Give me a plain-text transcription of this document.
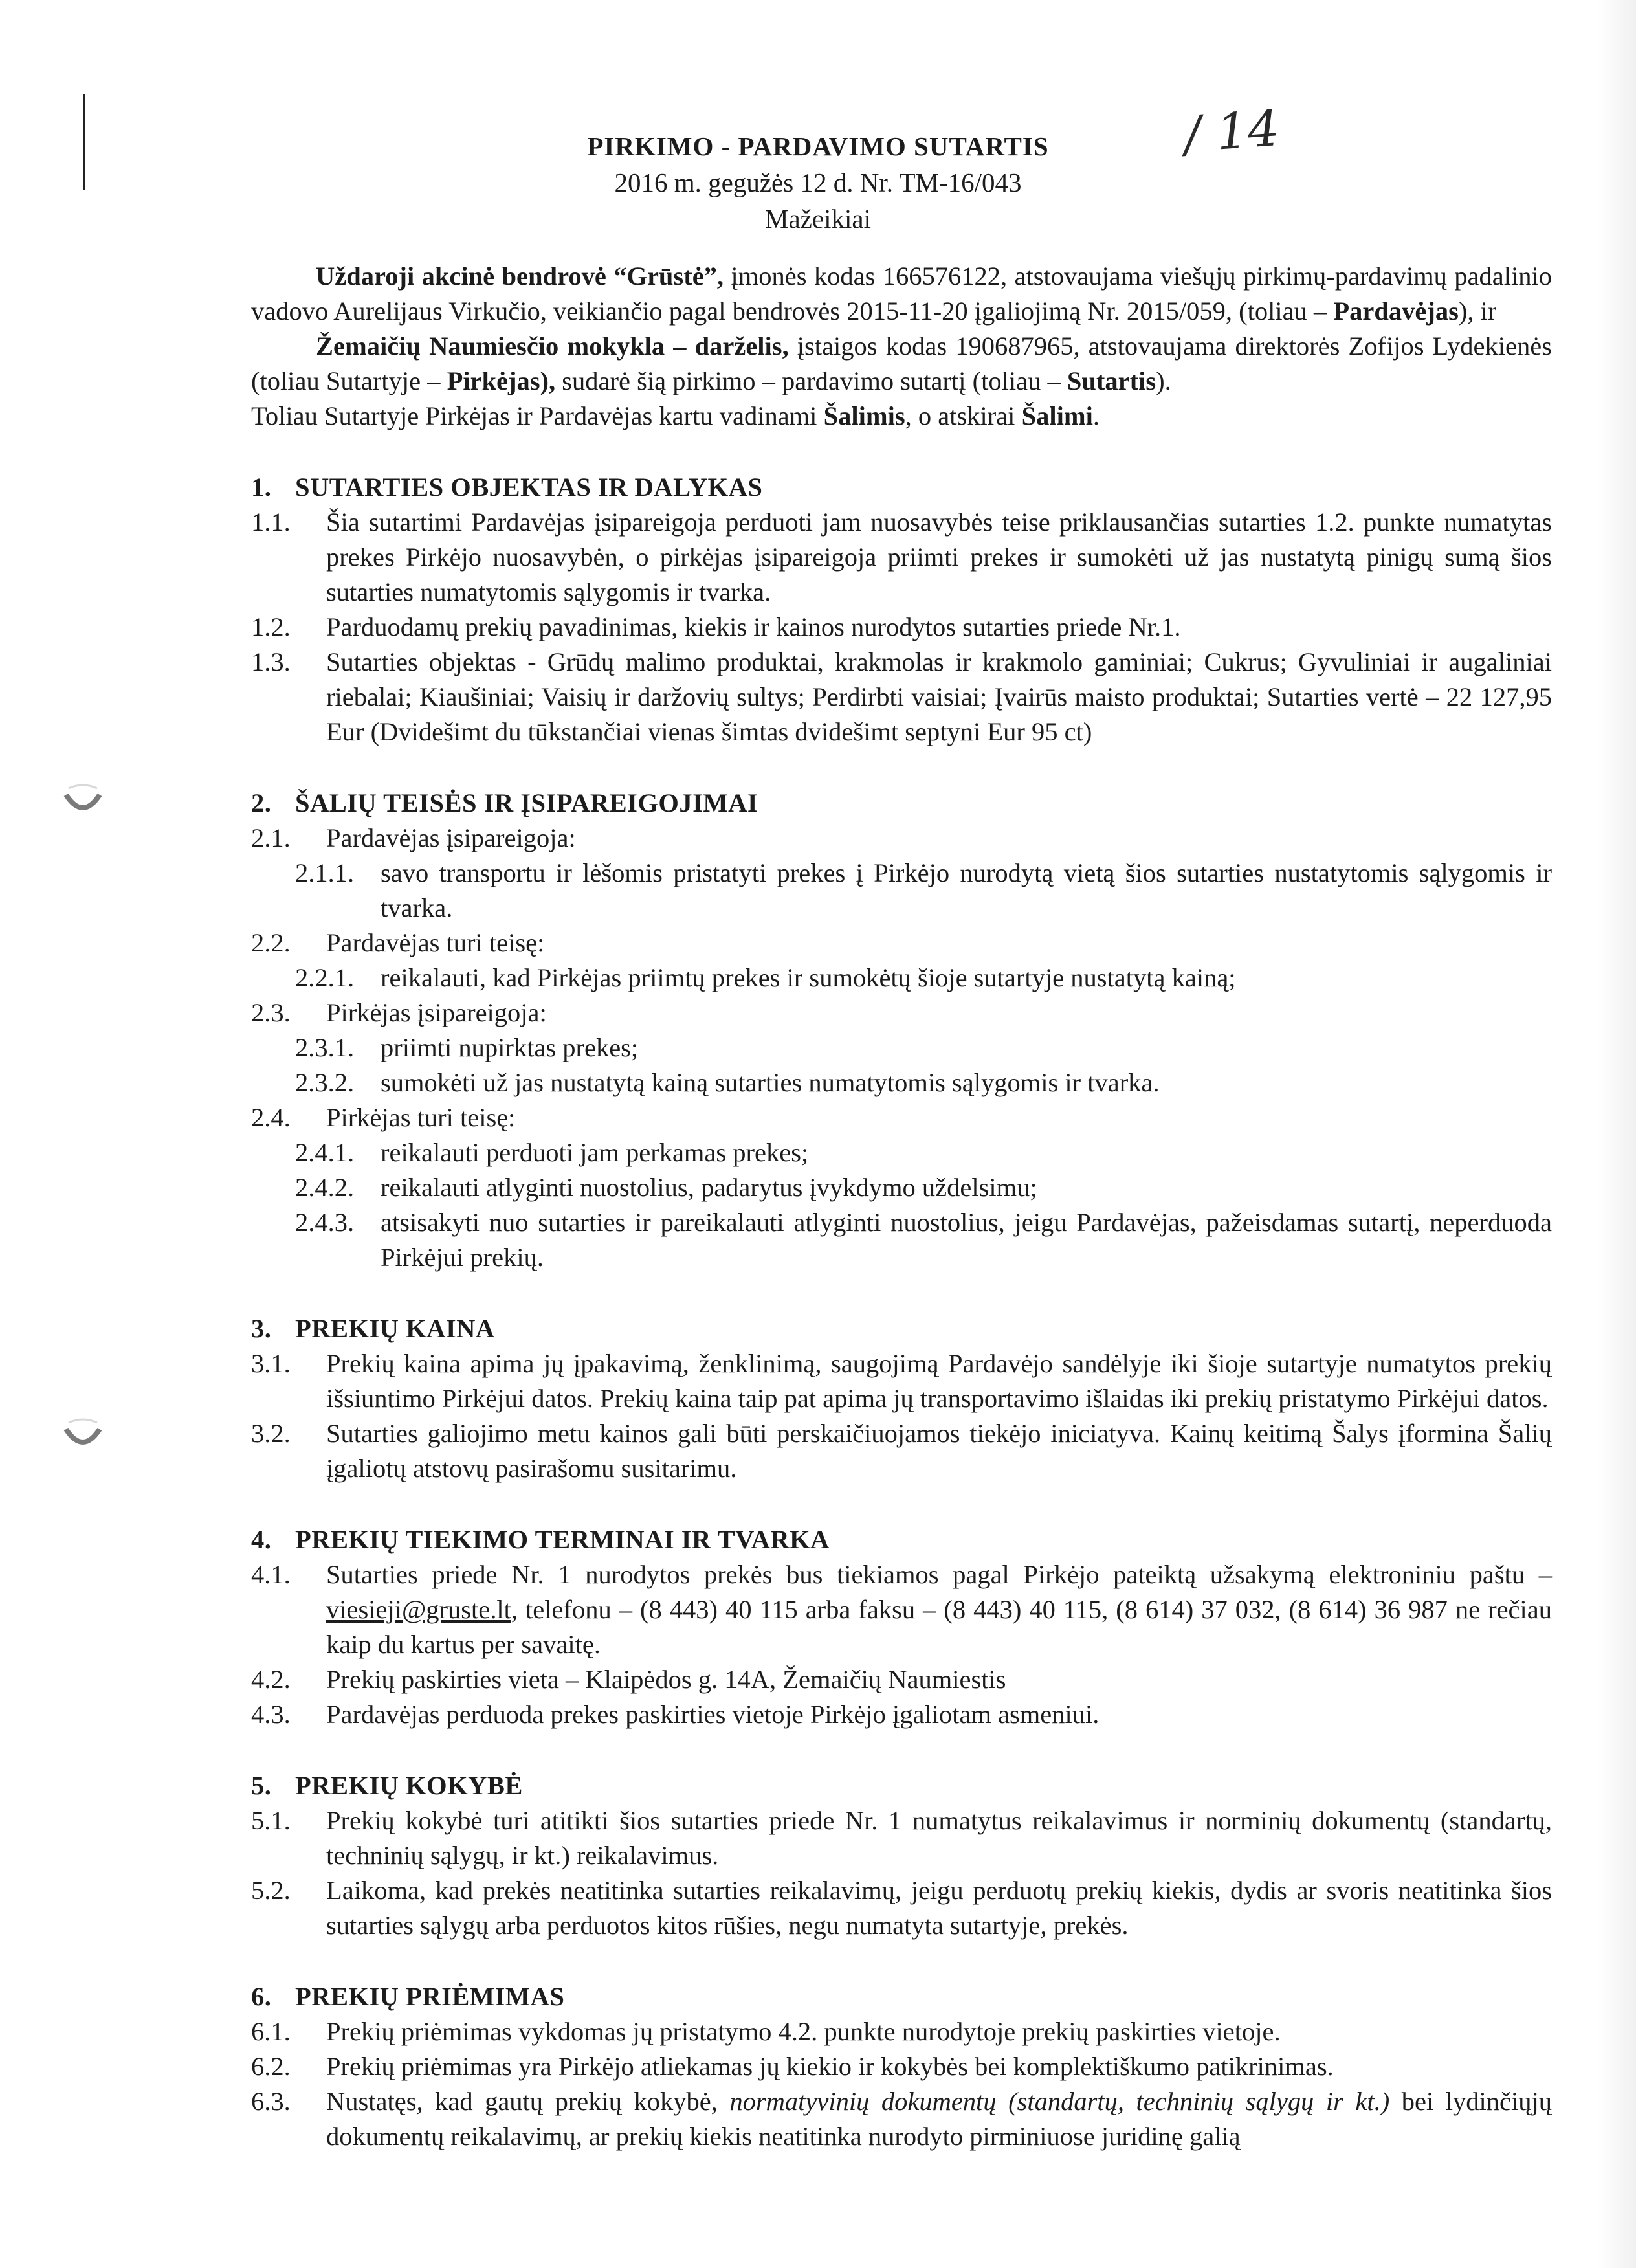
/ 14
PIRKIMO - PARDAVIMO SUTARTIS
2016 m. gegužės 12 d. Nr. TM-16/043
Mažeikiai

Uždaroji akcinė bendrovė “Grūstė”, įmonės kodas 166576122, atstovaujama viešųjų pirkimų-pardavimų padalinio vadovo Aurelijaus Virkučio, veikiančio pagal bendrovės 2015-11-20 įgaliojimą Nr. 2015/059, (toliau – Pardavėjas), ir

Žemaičių Naumiesčio mokykla – darželis, įstaigos kodas 190687965, atstovaujama direktorės Zofijos Lydekienės (toliau Sutartyje – Pirkėjas), sudarė šią pirkimo – pardavimo sutartį (toliau – Sutartis).

Toliau Sutartyje Pirkėjas ir Pardavėjas kartu vadinami Šalimis, o atskirai Šalimi.

1. SUTARTIES OBJEKTAS IR DALYKAS
1.1.	Šia sutartimi Pardavėjas įsipareigoja perduoti jam nuosavybės teise priklausančias sutarties 1.2. punkte numatytas prekes Pirkėjo nuosavybėn, o pirkėjas įsipareigoja priimti prekes ir sumokėti už jas nustatytą pinigų sumą šios sutarties numatytomis sąlygomis ir tvarka.
1.2.	Parduodamų prekių pavadinimas, kiekis ir kainos nurodytos sutarties priede Nr.1.
1.3.	Sutarties objektas - Grūdų malimo produktai, krakmolas ir krakmolo gaminiai; Cukrus; Gyvuliniai ir augaliniai riebalai; Kiaušiniai; Vaisių ir daržovių sultys; Perdirbti vaisiai; Įvairūs maisto produktai; Sutarties vertė – 22 127,95 Eur (Dvidešimt du tūkstančiai vienas šimtas dvidešimt septyni Eur 95 ct)
2. ŠALIŲ TEISĖS IR ĮSIPAREIGOJIMAI
2.1.	Pardavėjas įsipareigoja:
2.1.1.	savo transportu ir lėšomis pristatyti prekes į Pirkėjo nurodytą vietą šios sutarties nustatytomis sąlygomis ir tvarka.
2.2.	Pardavėjas turi teisę:
2.2.1.	reikalauti, kad Pirkėjas priimtų prekes ir sumokėtų šioje sutartyje nustatytą kainą;
2.3.	Pirkėjas įsipareigoja:
2.3.1.	priimti nupirktas prekes;
2.3.2.	sumokėti už jas nustatytą kainą sutarties numatytomis sąlygomis ir tvarka.
2.4.	Pirkėjas turi teisę:
2.4.1.	reikalauti perduoti jam perkamas prekes;
2.4.2.	reikalauti atlyginti nuostolius, padarytus įvykdymo uždelsimu;
2.4.3.	atsisakyti nuo sutarties ir pareikalauti atlyginti nuostolius, jeigu Pardavėjas, pažeisdamas sutartį, neperduoda Pirkėjui prekių.
3. PREKIŲ KAINA
3.1.	Prekių kaina apima jų įpakavimą, ženklinimą, saugojimą Pardavėjo sandėlyje iki šioje sutartyje numatytos prekių išsiuntimo Pirkėjui datos. Prekių kaina taip pat apima jų transportavimo išlaidas iki prekių pristatymo Pirkėjui datos.
3.2.	Sutarties galiojimo metu kainos gali būti perskaičiuojamos tiekėjo iniciatyva. Kainų keitimą Šalys įformina Šalių įgaliotų atstovų pasirašomu susitarimu.
4. PREKIŲ TIEKIMO TERMINAI IR TVARKA
4.1.	Sutarties priede Nr. 1 nurodytos prekės bus tiekiamos pagal Pirkėjo pateiktą užsakymą elektroniniu paštu – viesieji@gruste.lt, telefonu – (8 443) 40 115 arba faksu – (8 443) 40 115, (8 614) 37 032, (8 614) 36 987 ne rečiau kaip du kartus per savaitę.
4.2.	Prekių paskirties vieta – Klaipėdos g. 14A, Žemaičių Naumiestis
4.3.	Pardavėjas perduoda prekes paskirties vietoje Pirkėjo įgaliotam asmeniui.
5. PREKIŲ KOKYBĖ
5.1.	Prekių kokybė turi atitikti šios sutarties priede Nr. 1 numatytus reikalavimus ir norminių dokumentų (standartų, techninių sąlygų, ir kt.) reikalavimus.
5.2.	Laikoma, kad prekės neatitinka sutarties reikalavimų, jeigu perduotų prekių kiekis, dydis ar svoris neatitinka šios sutarties sąlygų arba perduotos kitos rūšies, negu numatyta sutartyje, prekės.
6. PREKIŲ PRIĖMIMAS
6.1.	Prekių priėmimas vykdomas jų pristatymo 4.2. punkte nurodytoje prekių paskirties vietoje.
6.2.	Prekių priėmimas yra Pirkėjo atliekamas jų kiekio ir kokybės bei komplektiškumo patikrinimas.
6.3.	Nustatęs, kad gautų prekių kokybė, normatyvinių dokumentų (standartų, techninių sąlygų ir kt.) bei lydinčiųjų dokumentų reikalavimų, ar prekių kiekis neatitinka nurodyto pirminiuose juridinę galią
